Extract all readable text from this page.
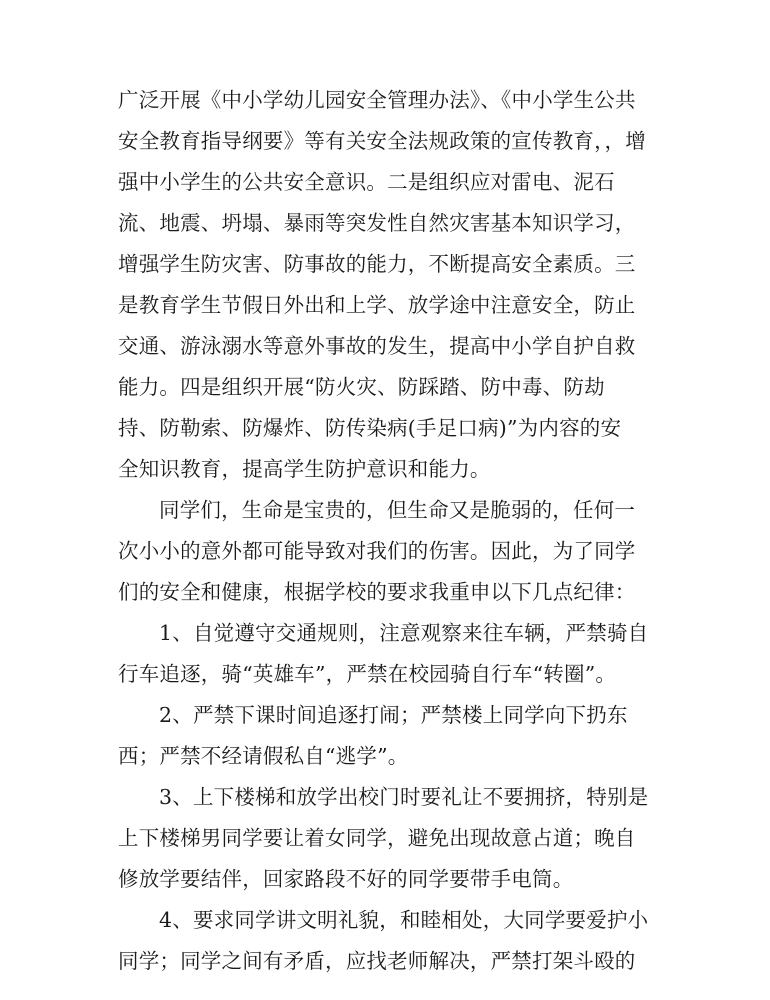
广泛开展《中小学幼儿园安全管理办法》、《中小学生公共
安全教育指导纲要》等有关安全法规政策的宣传教育，，增
强中小学生的公共安全意识。二是组织应对雷电、泥石
流、地震、坍塌、暴雨等突发性自然灾害基本知识学习，
增强学生防灾害、防事故的能力，不断提高安全素质。三
是教育学生节假日外出和上学、放学途中注意安全，防止
交通、游泳溺水等意外事故的发生，提高中小学自护自救
能力。四是组织开展“防火灾、防踩踏、防中毒、防劫
持、防勒索、防爆炸、防传染病(手足口病)”为内容的安
全知识教育，提高学生防护意识和能力。
同学们，生命是宝贵的，但生命又是脆弱的，任何一
次小小的意外都可能导致对我们的伤害。因此，为了同学
们的安全和健康，根据学校的要求我重申以下几点纪律：
1、自觉遵守交通规则，注意观察来往车辆，严禁骑自
行车追逐，骑“英雄车”，严禁在校园骑自行车“转圈”。
2、严禁下课时间追逐打闹；严禁楼上同学向下扔东
西；严禁不经请假私自“逃学”。
3、上下楼梯和放学出校门时要礼让不要拥挤，特别是
上下楼梯男同学要让着女同学，避免出现故意占道；晚自
修放学要结伴，回家路段不好的同学要带手电筒。
4、要求同学讲文明礼貌，和睦相处，大同学要爱护小
同学；同学之间有矛盾，应找老师解决，严禁打架斗殴的
